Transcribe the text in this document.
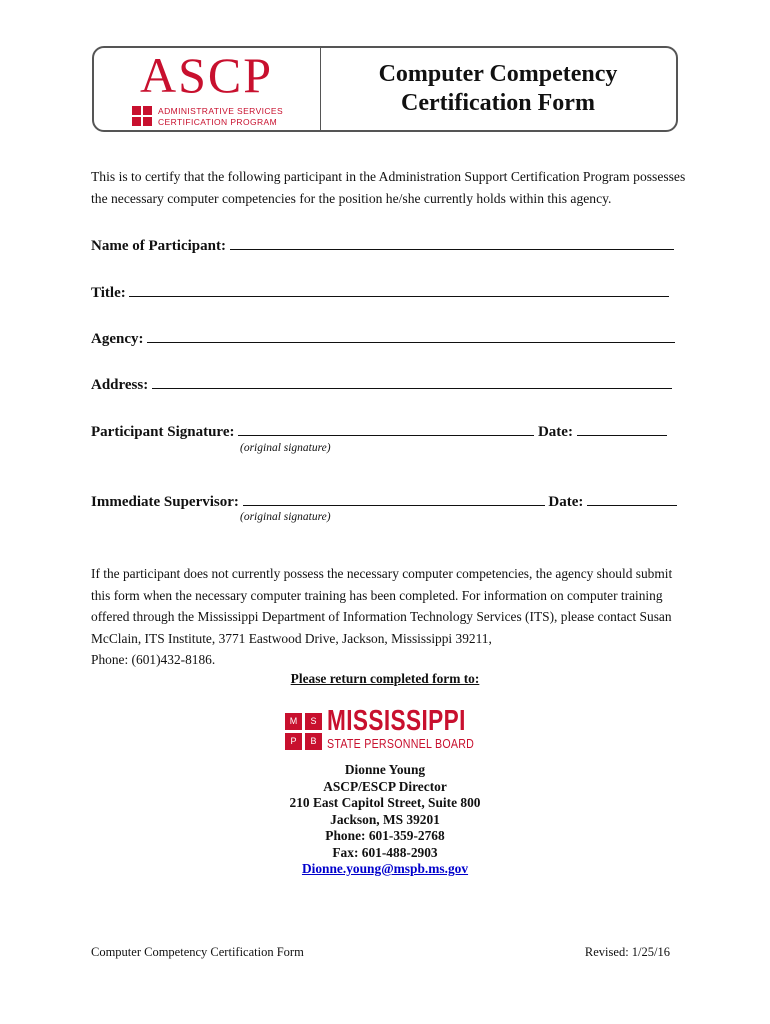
ASCP
ADMINISTRATIVE SERVICES
CERTIFICATION PROGRAM
Computer Competency
Certification Form
This is to certify that the following participant in the Administration Support Certification Program possesses the necessary computer competencies for the position he/she currently holds within this agency.
Name of Participant:
Title:
Agency:
Address:
Participant Signature:	Date:
(original signature)
Immediate Supervisor:	Date:
(original signature)
If the participant does not currently possess the necessary computer competencies, the agency should submit this form when the necessary computer training has been completed. For information on computer training offered through the Mississippi Department of Information Technology Services (ITS), please contact Susan McClain, ITS Institute, 3771 Eastwood Drive, Jackson, Mississippi 39211,
Phone: (601)432-8186.
Please return completed form to:
M	S
P	B
MISSISSIPPI
STATE PERSONNEL BOARD
Dionne Young
ASCP/ESCP Director
210 East Capitol Street, Suite 800
Jackson, MS 39201
Phone: 601-359-2768
Fax: 601-488-2903
Dionne.young@mspb.ms.gov
Computer Competency Certification Form	Revised: 1/25/16
